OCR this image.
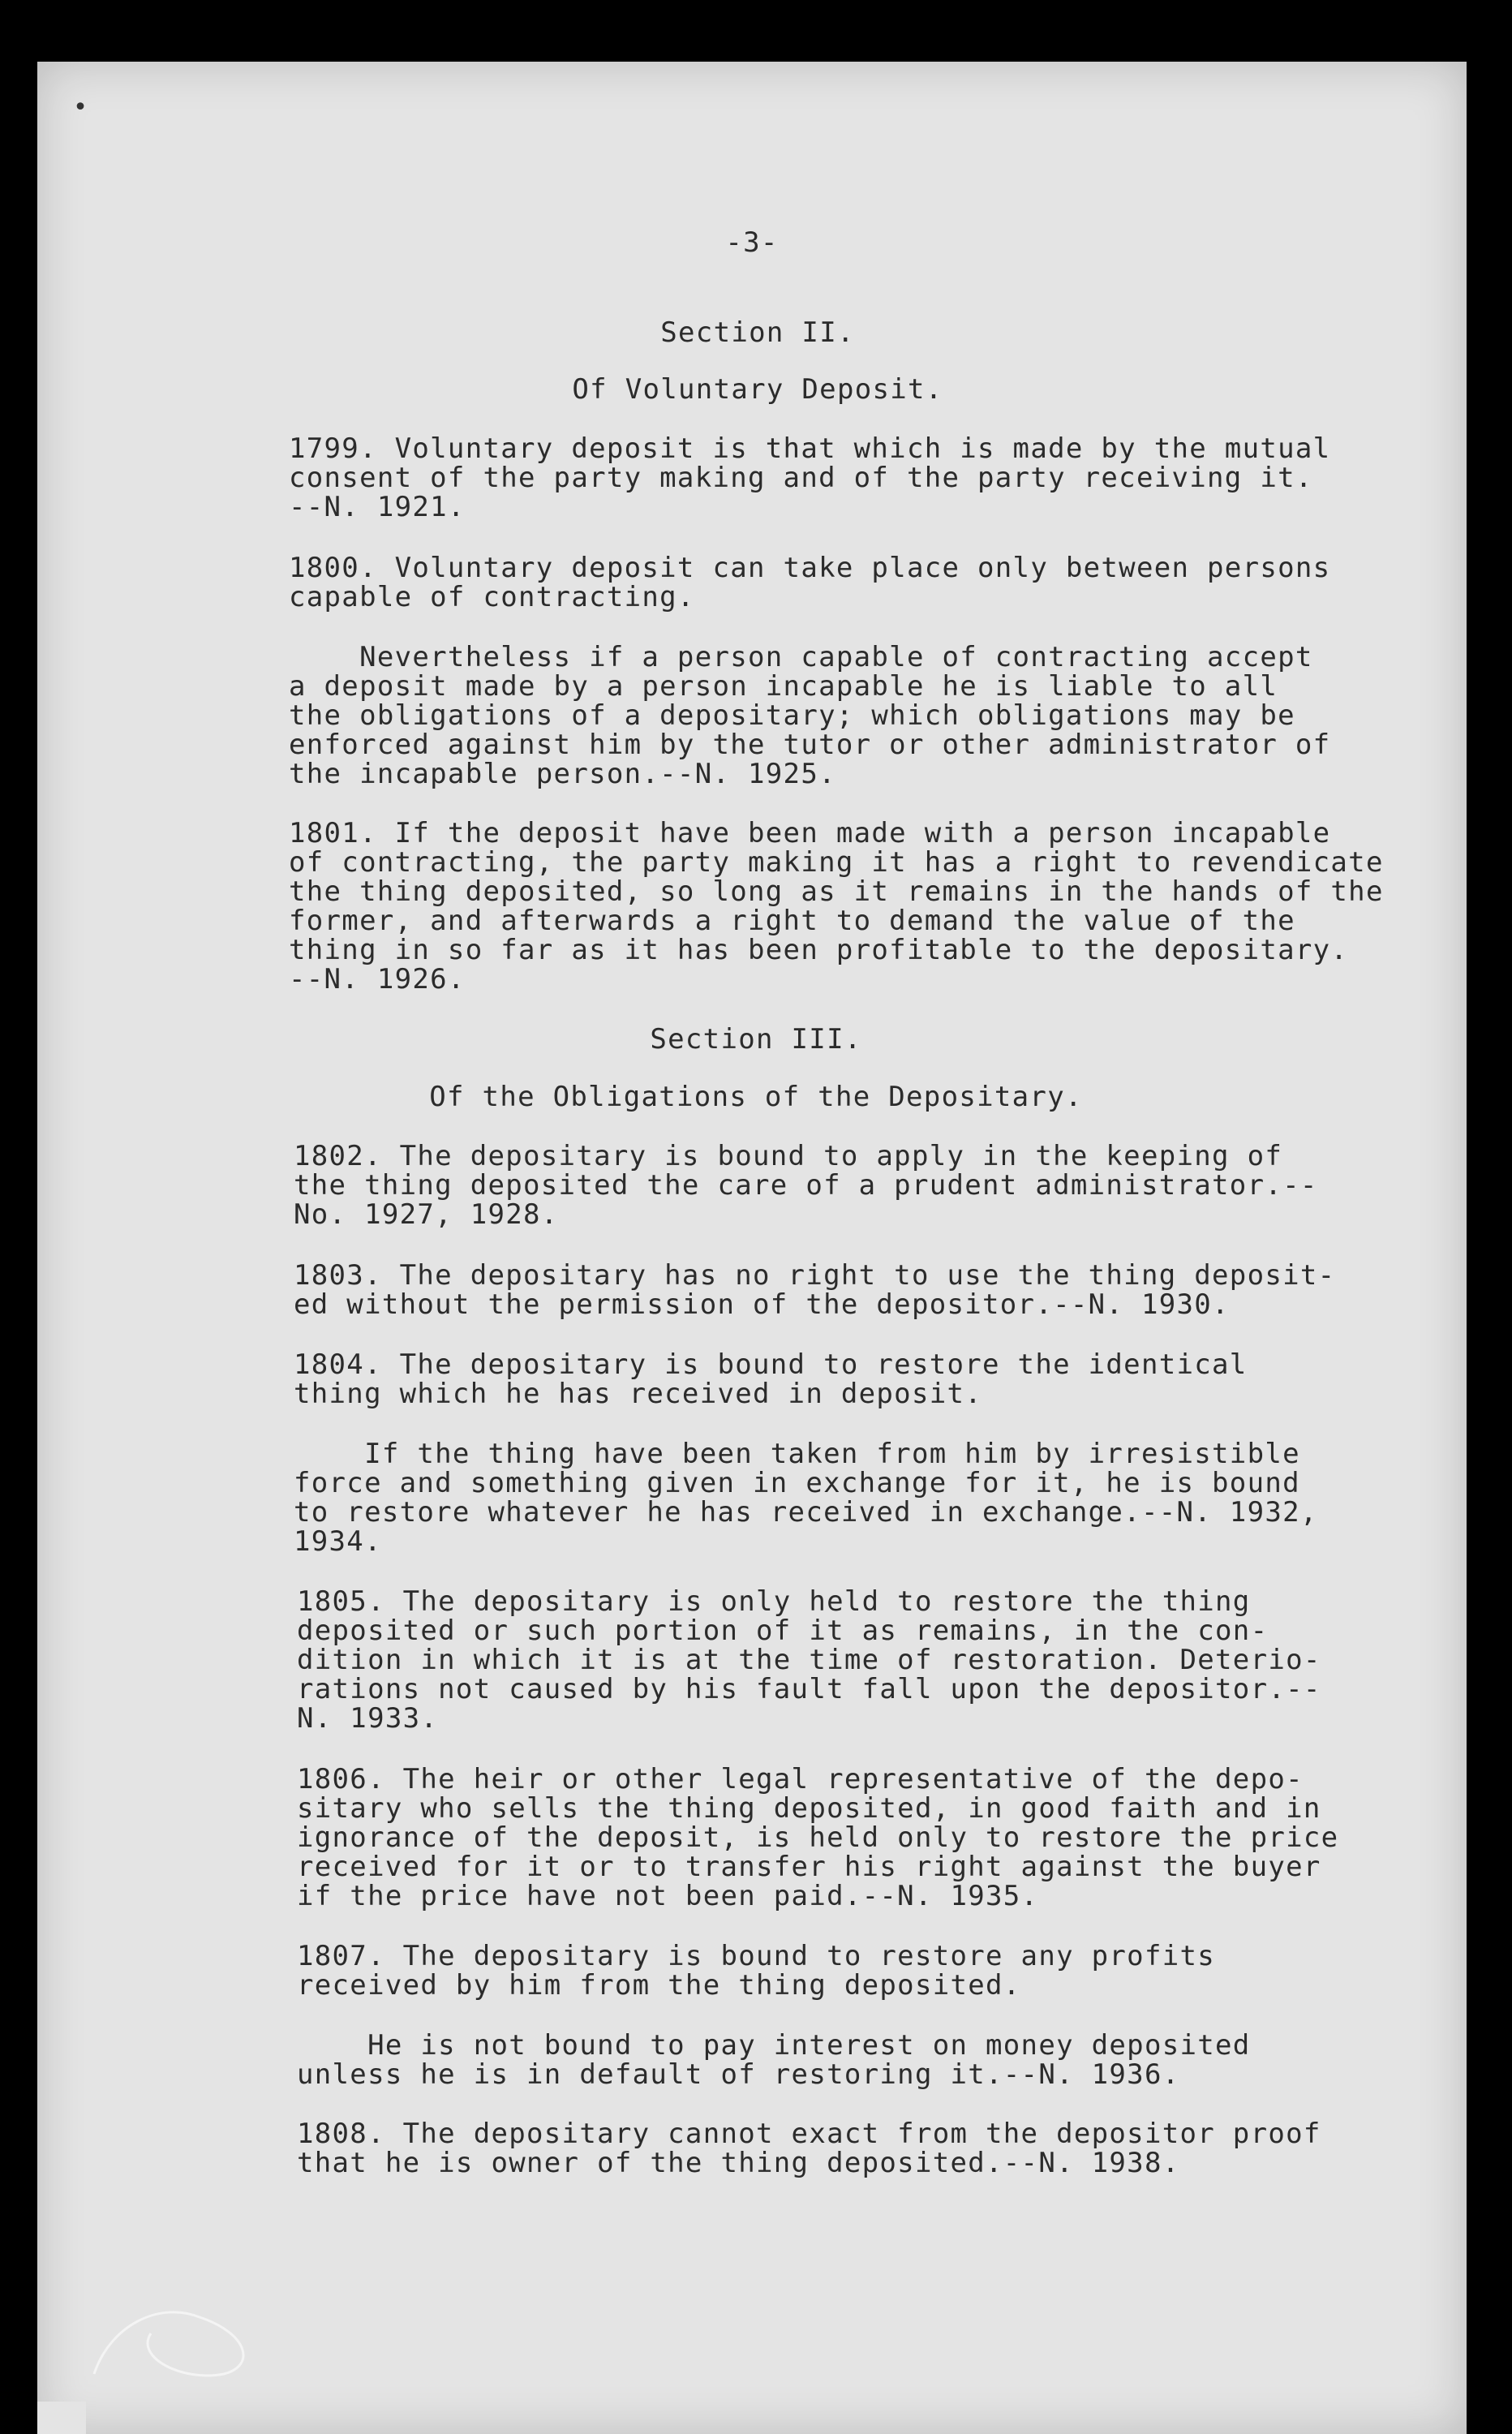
•

-3-

Section II.

Of Voluntary Deposit.

1799. Voluntary deposit is that which is made by the mutual

consent of the party making and of the party receiving it.

--N. 1921.

1800. Voluntary deposit can take place only between persons

capable of contracting.

Nevertheless if a person capable of contracting accept

a deposit made by a person incapable he is liable to all

the obligations of a depositary; which obligations may be

enforced against him by the tutor or other administrator of

the incapable person.--N. 1925.

1801. If the deposit have been made with a person incapable

of contracting, the party making it has a right to revendicate

the thing deposited, so long as it remains in the hands of the

former, and afterwards a right to demand the value of the

thing in so far as it has been profitable to the depositary.

--N. 1926.

Section III.

Of the Obligations of the Depositary.

1802. The depositary is bound to apply in the keeping of

the thing deposited the care of a prudent administrator.--

No. 1927, 1928.

1803. The depositary has no right to use the thing deposit-

ed without the permission of the depositor.--N. 1930.

1804. The depositary is bound to restore the identical

thing which he has received in deposit.

If the thing have been taken from him by irresistible

force and something given in exchange for it, he is bound

to restore whatever he has received in exchange.--N. 1932,

1934.

1805. The depositary is only held to restore the thing

deposited or such portion of it as remains, in the con-

dition in which it is at the time of restoration. Deterio-

rations not caused by his fault fall upon the depositor.--

N. 1933.

1806. The heir or other legal representative of the depo-

sitary who sells the thing deposited, in good faith and in

ignorance of the deposit, is held only to restore the price

received for it or to transfer his right against the buyer

if the price have not been paid.--N. 1935.

1807. The depositary is bound to restore any profits

received by him from the thing deposited.

He is not bound to pay interest on money deposited

unless he is in default of restoring it.--N. 1936.

1808. The depositary cannot exact from the depositor proof

that he is owner of the thing deposited.--N. 1938.
